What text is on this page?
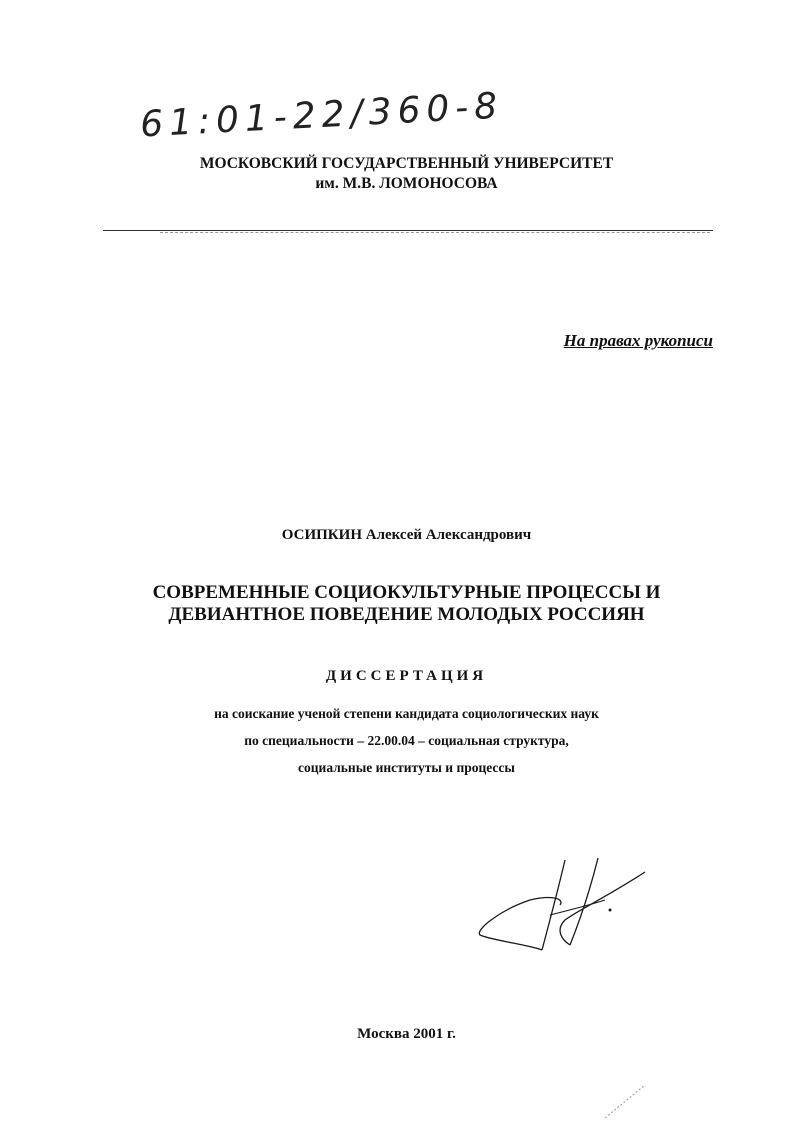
61:01-22/360-8
МОСКОВСКИЙ ГОСУДАРСТВЕННЫЙ УНИВЕРСИТЕТ
им. М.В. ЛОМОНОСОВА
На правах рукописи
ОСИПКИН Алексей Александрович
СОВРЕМЕННЫЕ СОЦИОКУЛЬТУРНЫЕ ПРОЦЕССЫ И
ДЕВИАНТНОЕ ПОВЕДЕНИЕ МОЛОДЫХ РОССИЯН
ДИССЕРТАЦИЯ
на соискание ученой степени кандидата социологических наук
по специальности – 22.00.04 – социальная структура,
социальные институты и процессы
Москва 2001 г.
